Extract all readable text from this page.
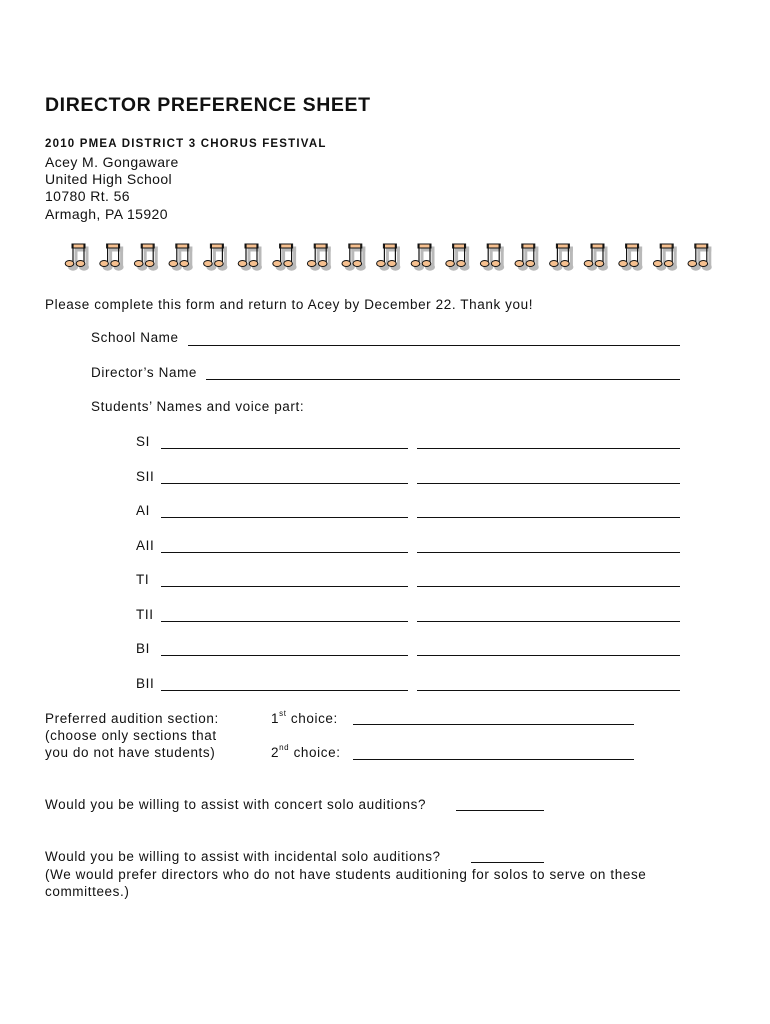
DIRECTOR PREFERENCE SHEET
2010 PMEA DISTRICT 3 CHORUS FESTIVAL
Acey M. Gongaware
United High School
10780 Rt. 56
Armagh, PA 15920
Please complete this form and return to Acey by December 22. Thank you!
School Name
Director’s Name
Students’ Names and voice part:
SI
SII
AI
AII
TI
TII
BI
BII
Preferred audition section:
(choose only sections that
you do not have students)
1st choice:
2nd choice:
Would you be willing to assist with concert solo auditions?
Would you be willing to assist with incidental solo auditions?
(We would prefer directors who do not have students auditioning for solos to serve on these
committees.)
